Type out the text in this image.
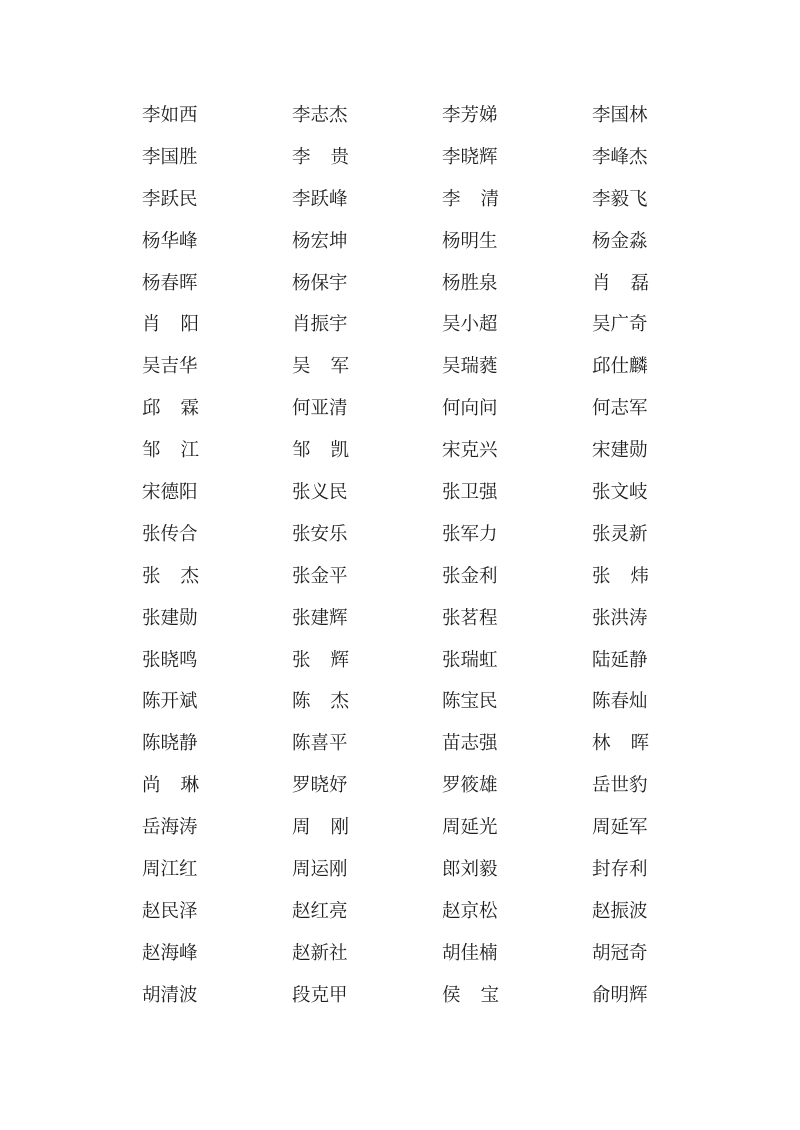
李如西	李志杰	李芳娣	李国林
李国胜	李贵	李晓辉	李峰杰
李跃民	李跃峰	李清	李毅飞
杨华峰	杨宏坤	杨明生	杨金淼
杨春晖	杨保宇	杨胜泉	肖磊
肖阳	肖振宇	吴小超	吴广奇
吴吉华	吴军	吴瑞蕤	邱仕麟
邱霖	何亚清	何向问	何志军
邹江	邹凯	宋克兴	宋建勋
宋德阳	张义民	张卫强	张文岐
张传合	张安乐	张军力	张灵新
张杰	张金平	张金利	张炜
张建勋	张建辉	张茗程	张洪涛
张晓鸣	张辉	张瑞虹	陆延静
陈开斌	陈杰	陈宝民	陈春灿
陈晓静	陈喜平	苗志强	林晖
尚琳	罗晓妤	罗筱雄	岳世豹
岳海涛	周刚	周延光	周延军
周江红	周运刚	郎刘毅	封存利
赵民泽	赵红亮	赵京松	赵振波
赵海峰	赵新社	胡佳楠	胡冠奇
胡清波	段克甲	侯宝	俞明辉
